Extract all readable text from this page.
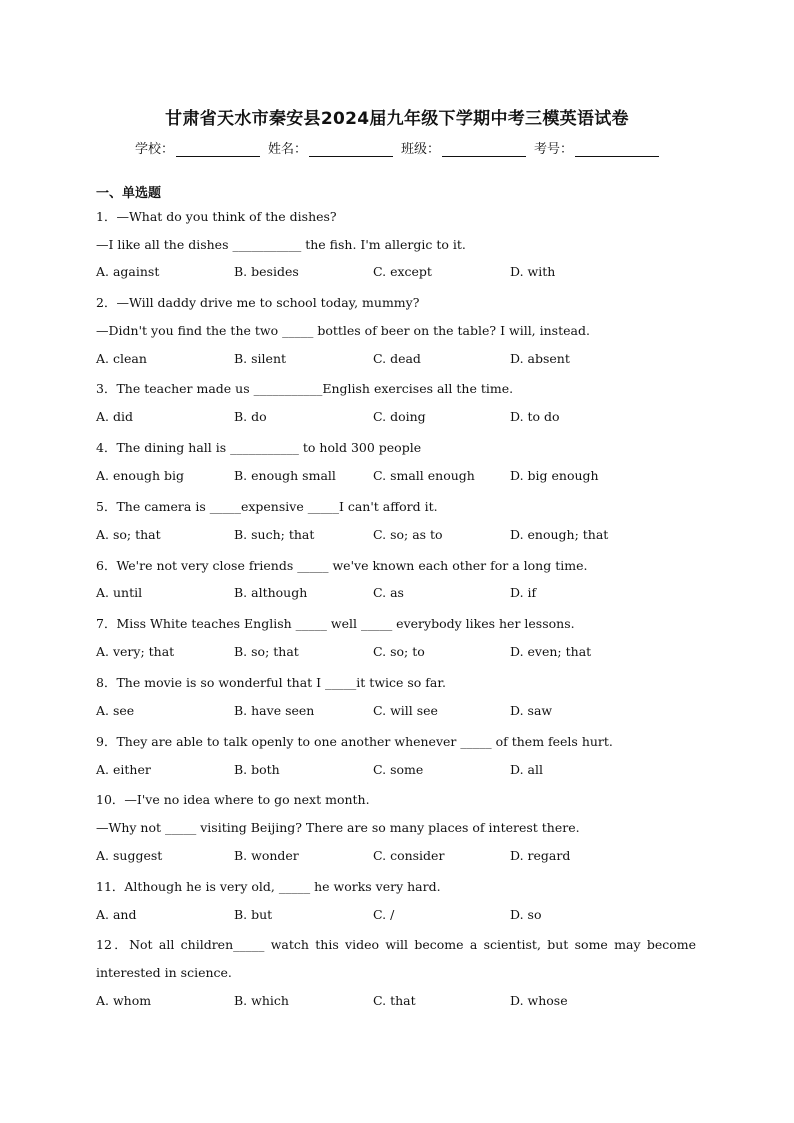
甘肃省天水市秦安县2024届九年级下学期中考三模英语试卷
学校：	姓名：	班级：	考号：
一、单选题
1．—What do you think of the dishes?
—I like all the dishes ___________ the fish. I'm allergic to it.
A. against	B. besides	C. except	D. with
2．—Will daddy drive me to school today, mummy?
—Didn't you find the the two _____ bottles of beer on the table? I will, instead.
A. clean	B. silent	C. dead	D. absent
3．The teacher made us ___________English exercises all the time.
A. did	B. do	C. doing	D. to do
4．The dining hall is ___________ to hold 300 people
A. enough big	B. enough small	C. small enough	D. big enough
5．The camera is _____expensive _____I can't afford it.
A. so; that	B. such; that	C. so; as to	D. enough; that
6．We're not very close friends _____ we've known each other for a long time.
A. until	B. although	C. as	D. if
7．Miss White teaches English _____ well _____ everybody likes her lessons.
A. very; that	B. so; that	C. so; to	D. even; that
8．The movie is so wonderful that I _____it twice so far.
A. see	B. have seen	C. will see	D. saw
9．They are able to talk openly to one another whenever _____ of them feels hurt.
A. either	B. both	C. some	D. all
10．—I've no idea where to go next month.
—Why not _____ visiting Beijing? There are so many places of interest there.
A. suggest	B. wonder	C. consider	D. regard
11．Although he is very old, _____ he works very hard.
A. and	B. but	C. /	D. so
12．Not all children_____ watch this video will become a scientist, but some may become
interested in science.
A. whom	B. which	C. that	D. whose
